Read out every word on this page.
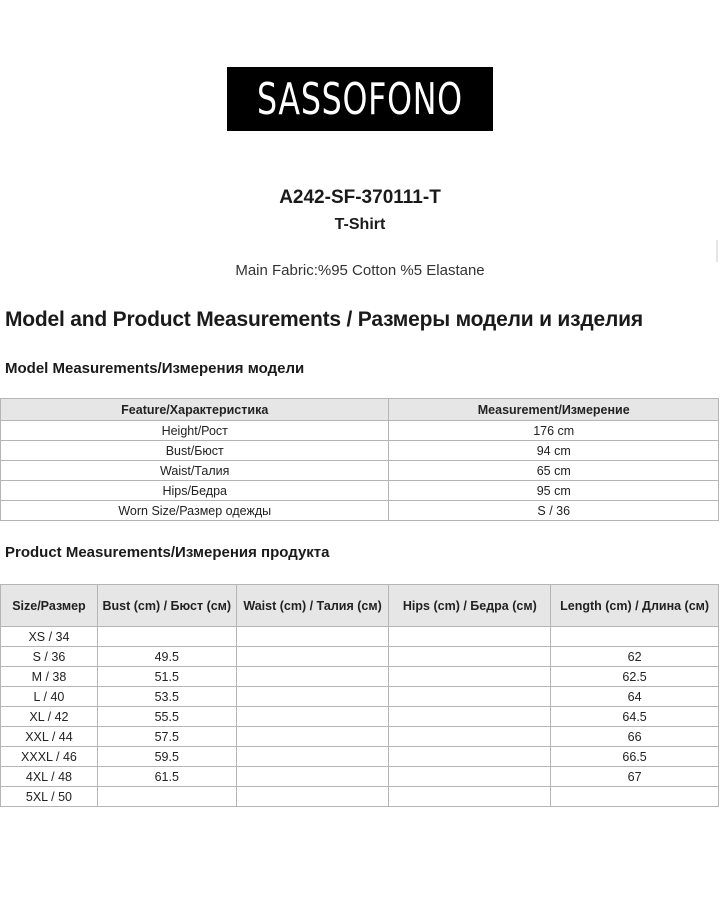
SASSOFONO
A242-SF-370111-T
T-Shirt
Main Fabric:%95 Cotton %5 Elastane
Model and Product Measurements / Размеры модели и изделия
Model Measurements/Измерения модели
Feature/Характеристика	Measurement/Измерение
Height/Рост	176 cm
Bust/Бюст	94 cm
Waist/Талия	65 cm
Hips/Бедра	95 cm
Worn Size/Размер одежды	S / 36
Product Measurements/Измерения продукта
Size/Размер	Bust (cm) / Бюст (см)	Waist (cm) / Талия (см)	Hips (cm) / Бедра (см)	Length (cm) / Длина (см)
XS / 34				
S / 36	49.5			62
M / 38	51.5			62.5
L / 40	53.5			64
XL / 42	55.5			64.5
XXL / 44	57.5			66
XXXL / 46	59.5			66.5
4XL / 48	61.5			67
5XL / 50				
